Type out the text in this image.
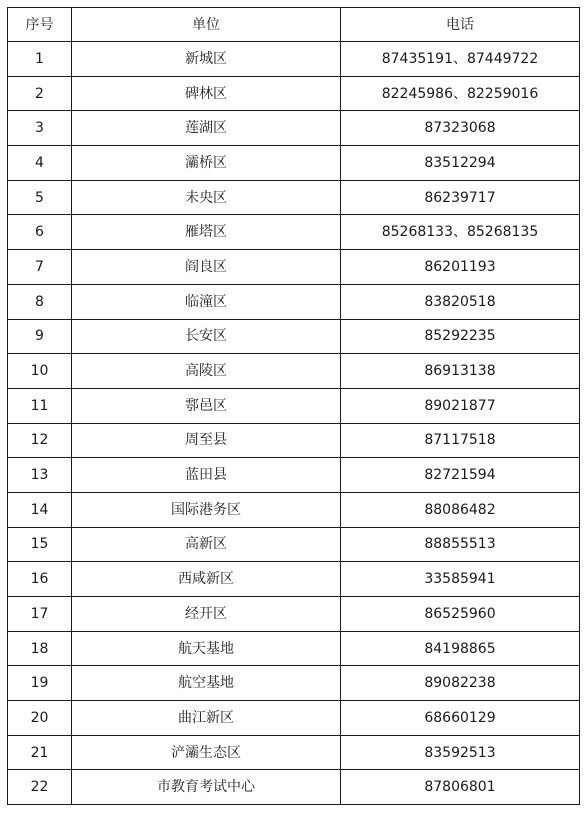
序号	单位	电话
1	新城区	87435191、87449722
2	碑林区	82245986、82259016
3	莲湖区	87323068
4	灞桥区	83512294
5	未央区	86239717
6	雁塔区	85268133、85268135
7	阎良区	86201193
8	临潼区	83820518
9	长安区	85292235
10	高陵区	86913138
11	鄠邑区	89021877
12	周至县	87117518
13	蓝田县	82721594
14	国际港务区	88086482
15	高新区	88855513
16	西咸新区	33585941
17	经开区	86525960
18	航天基地	84198865
19	航空基地	89082238
20	曲江新区	68660129
21	浐灞生态区	83592513
22	市教育考试中心	87806801
